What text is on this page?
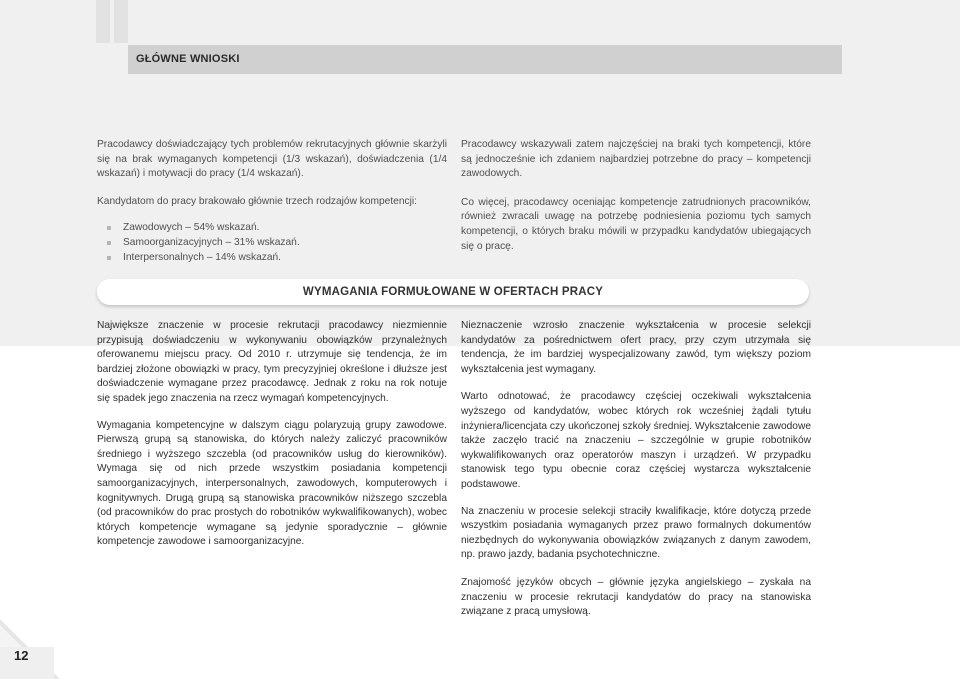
GŁÓWNE WNIOSKI

Pracodawcy doświadczający tych problemów rekrutacyjnych głównie skarżyli się na brak wymaganych kompetencji (1/3 wskazań), doświadczenia (1/4 wskazań) i motywacji do pracy (1/4 wskazań).

Kandydatom do pracy brakowało głównie trzech rodzajów kompetencji:

Zawodowych – 54% wskazań.
Samoorganizacyjnych – 31% wskazań.
Interpersonalnych – 14% wskazań.

Pracodawcy wskazywali zatem najczęściej na braki tych kompetencji, które są jednocześnie ich zdaniem najbardziej potrzebne do pracy – kompetencji zawodowych.

Co więcej, pracodawcy oceniając kompetencje zatrudnionych pracowników, również zwracali uwagę na potrzebę podniesienia poziomu tych samych kompetencji, o których braku mówili w przypadku kandydatów ubiegających się o pracę.

WYMAGANIA FORMUŁOWANE W OFERTACH PRACY

Największe znaczenie w procesie rekrutacji pracodawcy niezmiennie przypisują doświadczeniu w wykonywaniu obowiązków przynależnych oferowanemu miejscu pracy. Od 2010 r. utrzymuje się tendencja, że im bardziej złożone obowiązki w pracy, tym precyzyjniej określone i dłuższe jest doświadczenie wymagane przez pracodawcę. Jednak z roku na rok notuje się spadek jego znaczenia na rzecz wymagań kompetencyjnych.

Wymagania kompetencyjne w dalszym ciągu polaryzują grupy zawodowe. Pierwszą grupą są stanowiska, do których należy zaliczyć pracowników średniego i wyższego szczebla (od pracowników usług do kierowników). Wymaga się od nich przede wszystkim posiadania kompetencji samoorganizacyjnych, interpersonalnych, zawodowych, komputerowych i kognitywnych. Drugą grupą są stanowiska pracowników niższego szczebla (od pracowników do prac prostych do robotników wykwalifikowanych), wobec których kompetencje wymagane są jedynie sporadycznie – głównie kompetencje zawodowe i samoorganizacyjne.

Nieznaczenie wzrosło znaczenie wykształcenia w procesie selekcji kandydatów za pośrednictwem ofert pracy, przy czym utrzymała się tendencja, że im bardziej wyspecjalizowany zawód, tym większy poziom wykształcenia jest wymagany.

Warto odnotować, że pracodawcy częściej oczekiwali wykształcenia wyższego od kandydatów, wobec których rok wcześniej żądali tytułu inżyniera/licencjata czy ukończonej szkoły średniej. Wykształcenie zawodowe także zaczęło tracić na znaczeniu – szczególnie w grupie robotników wykwalifikowanych oraz operatorów maszyn i urządzeń. W przypadku stanowisk tego typu obecnie coraz częściej wystarcza wykształcenie podstawowe.

Na znaczeniu w procesie selekcji straciły kwalifikacje, które dotyczą przede wszystkim posiadania wymaganych przez prawo formalnych dokumentów niezbędnych do wykonywania obowiązków związanych z danym zawodem, np. prawo jazdy, badania psychotechniczne.

Znajomość języków obcych – głównie języka angielskiego – zyskała na znaczeniu w procesie rekrutacji kandydatów do pracy na stanowiska związane z pracą umysłową.

12
